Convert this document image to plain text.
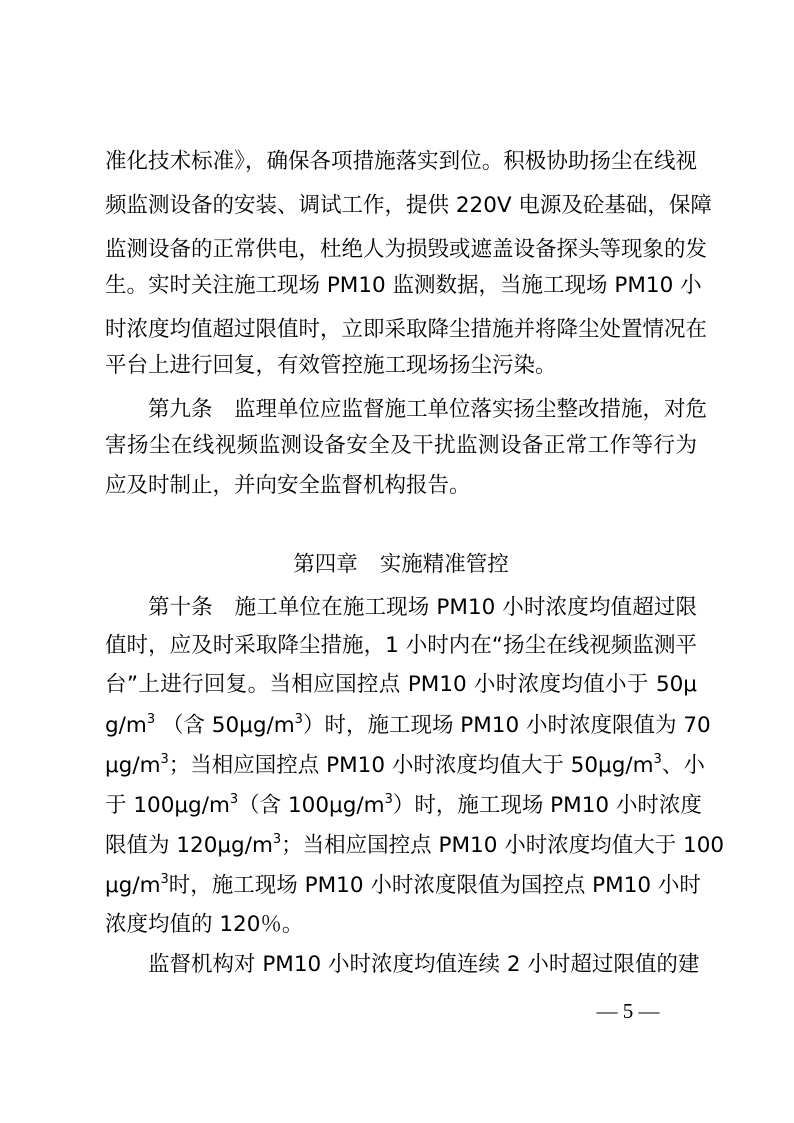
准化技术标准》，确保各项措施落实到位。积极协助扬尘在线视
频监测设备的安装、调试工作，提供 220V 电源及砼基础，保障
监测设备的正常供电，杜绝人为损毁或遮盖设备探头等现象的发
生。实时关注施工现场 PM10 监测数据，当施工现场 PM10 小
时浓度均值超过限值时，立即采取降尘措施并将降尘处置情况在
平台上进行回复，有效管控施工现场扬尘污染。
第九条　监理单位应监督施工单位落实扬尘整改措施，对危
害扬尘在线视频监测设备安全及干扰监测设备正常工作等行为
应及时制止，并向安全监督机构报告。
第四章 实施精准管控
第十条　施工单位在施工现场 PM10 小时浓度均值超过限
值时，应及时采取降尘措施，1 小时内在“扬尘在线视频监测平
台”上进行回复。当相应国控点 PM10 小时浓度均值小于 50μ
$g/m^3$ （含 $50\mu g/m^3$）时，施工现场 PM10 小时浓度限值为 70
$\mu g/m^3$；当相应国控点 PM10 小时浓度均值大于 $50\mu g/m^3$、小
于 $100\mu g/m^3$（含 $100\mu g/m^3$）时，施工现场 PM10 小时浓度
限值为 $120\mu g/m^3$；当相应国控点 PM10 小时浓度均值大于 100
$\mu g/m^3$时，施工现场 PM10 小时浓度限值为国控点 PM10 小时
浓度均值的 120％。
监督机构对 PM10 小时浓度均值连续 2 小时超过限值的建
— 5 —
